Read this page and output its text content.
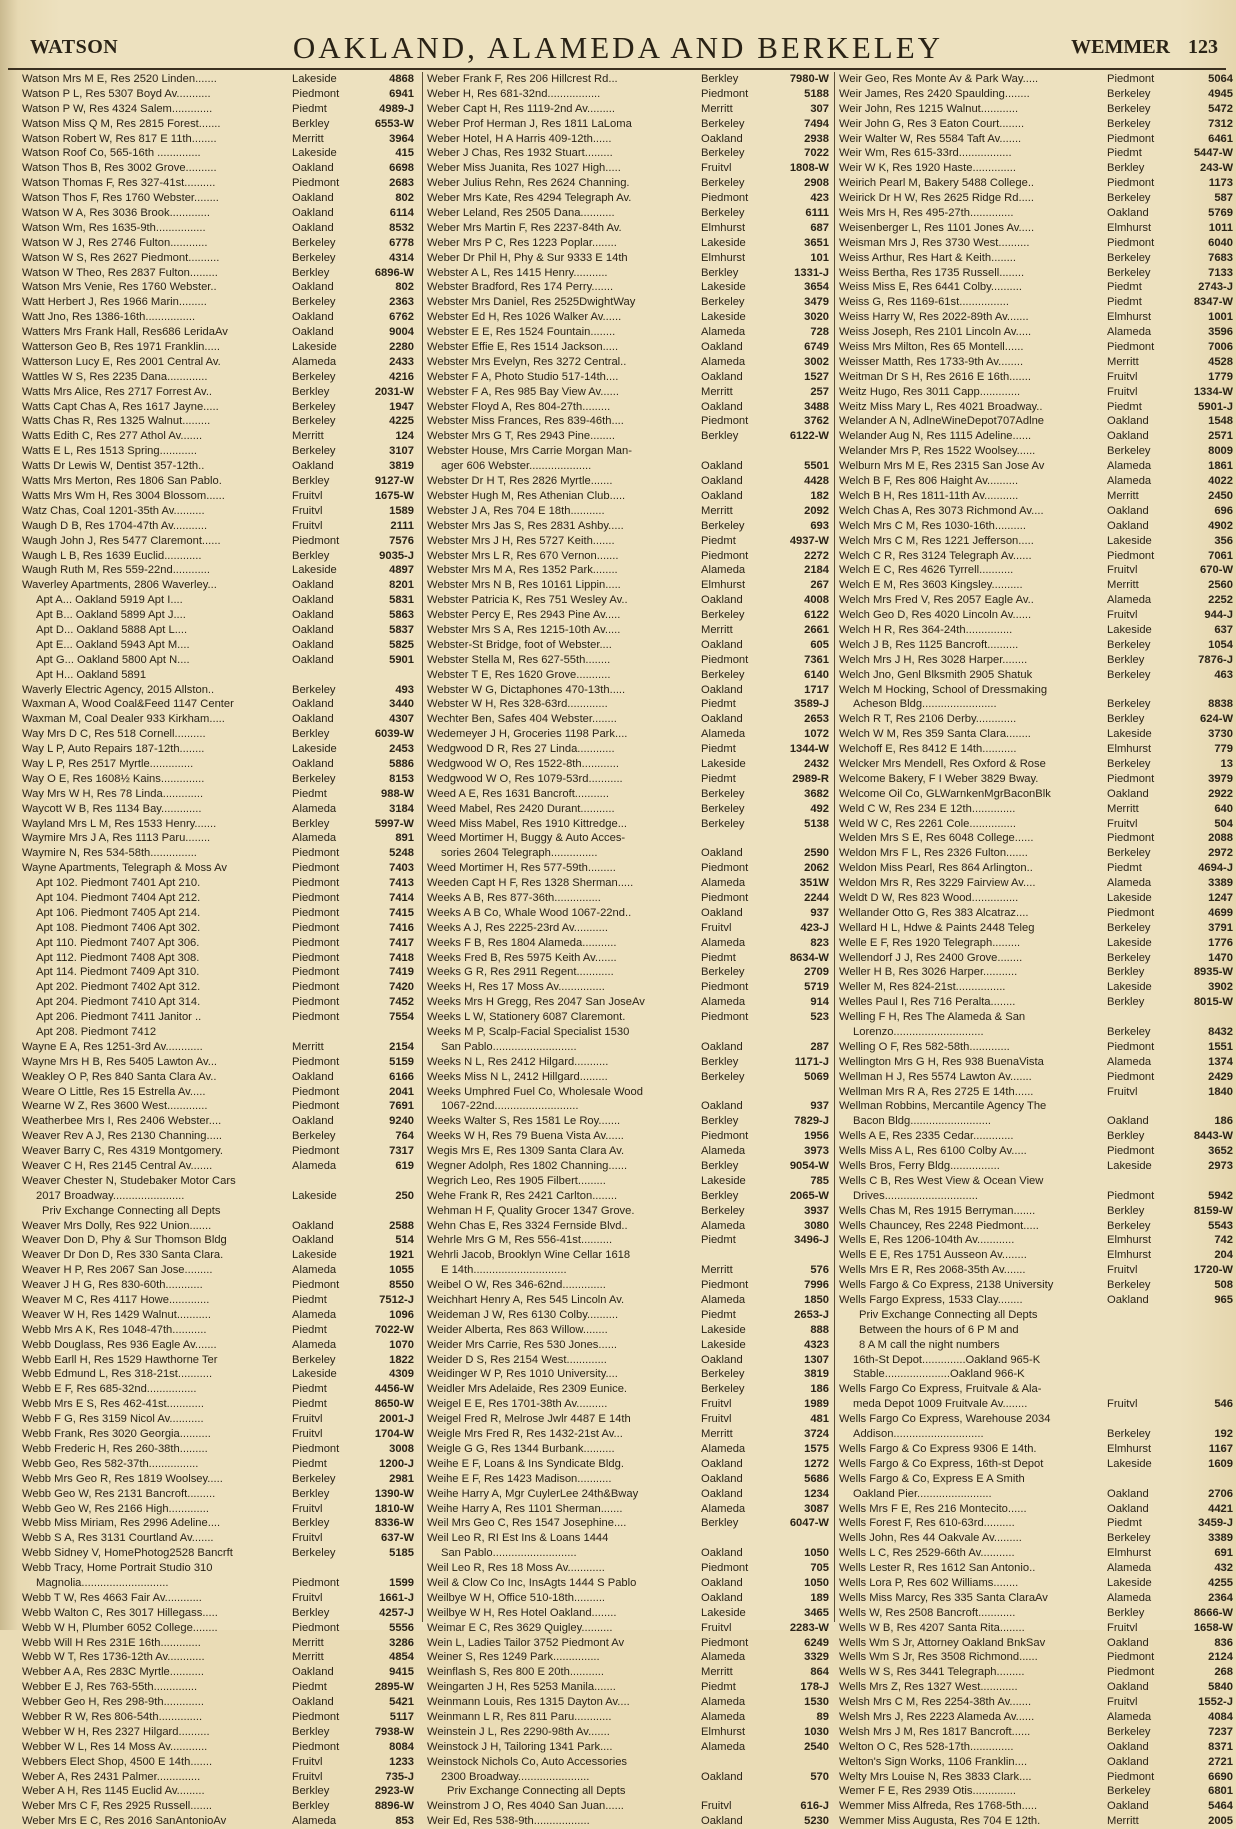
WATSON	OAKLAND, ALAMEDA AND BERKELEY	WEMMER 123
Watson Mrs M E, Res 2520 Linden.......	Lakeside	4868
Watson P L, Res 5307 Boyd Av...........	Piedmont	6941
Watson P W, Res 4324 Salem.............	Piedmt	4989-J
Watson Miss Q M, Res 2815 Forest.......	Berkley	6553-W
Watson Robert W, Res 817 E 11th........	Merritt	3964
Watson Roof Co, 565-16th ..............	Lakeside	415
Watson Thos B, Res 3002 Grove..........	Oakland	6698
Watson Thomas F, Res 327-41st..........	Piedmont	2683
Watson Thos F, Res 1760 Webster........	Oakland	802
Watson W A, Res 3036 Brook.............	Oakland	6114
Watson Wm, Res 1635-9th................	Oakland	8532
Watson W J, Res 2746 Fulton............	Berkeley	6778
Watson W S, Res 2627 Piedmont..........	Berkeley	4314
Watson W Theo, Res 2837 Fulton.........	Berkley	6896-W
Watson Mrs Venie, Res 1760 Webster..	Oakland	802
Watt Herbert J, Res 1966 Marin.........	Berkeley	2363
Watt Jno, Res 1386-16th................	Oakland	6762
Watters Mrs Frank Hall, Res686 LeridaAv	Oakland	9004
Watterson Geo B, Res 1971 Franklin.....	Lakeside	2280
Watterson Lucy E, Res 2001 Central Av.	Alameda	2433
Wattles W S, Res 2235 Dana.............	Berkeley	4216
Watts Mrs Alice, Res 2717 Forrest Av..	Berkley	2031-W
Watts Capt Chas A, Res 1617 Jayne.....	Berkeley	1947
Watts Chas R, Res 1325 Walnut.........	Berkeley	4225
Watts Edith C, Res 277 Athol Av.......	Merritt	124
Watts E L, Res 1513 Spring............	Berkeley	3107
Watts Dr Lewis W, Dentist 357-12th..	Oakland	3819
Watts Mrs Merton, Res 1806 San Pablo.	Berkley	9127-W
Watts Mrs Wm H, Res 3004 Blossom......	Fruitvl	1675-W
Watz Chas, Coal 1201-35th Av..........	Fruitvl	1589
Waugh D B, Res 1704-47th Av...........	Fruitvl	2111
Waugh John J, Res 5477 Claremont......	Piedmont	7576
Waugh L B, Res 1639 Euclid............	Berkley	9035-J
Waugh Ruth M, Res 559-22nd............	Lakeside	4897
Waverley Apartments, 2806 Waverley...	Oakland	8201
Apt A... Oakland 5919 Apt I....	Oakland	5831
Apt B... Oakland 5899 Apt J....	Oakland	5863
Apt D... Oakland 5888 Apt L....	Oakland	5837
Apt E... Oakland 5943 Apt M....	Oakland	5825
Apt G... Oakland 5800 Apt N....	Oakland	5901
Apt H... Oakland 5891
Waverly Electric Agency, 2015 Allston..	Berkeley	493
Waxman A, Wood Coal&Feed 1147 Center	Oakland	3440
Waxman M, Coal Dealer 933 Kirkham.....	Oakland	4307
Way Mrs D C, Res 518 Cornell..........	Berkley	6039-W
Way L P, Auto Repairs 187-12th........	Lakeside	2453
Way L P, Res 2517 Myrtle..............	Oakland	5886
Way O E, Res 1608½ Kains..............	Berkeley	8153
Way Mrs W H, Res 78 Linda.............	Piedmt	988-W
Waycott W B, Res 1134 Bay.............	Alameda	3184
Wayland Mrs L M, Res 1533 Henry.......	Berkley	5997-W
Waymire Mrs J A, Res 1113 Paru........	Alameda	891
Waymire N, Res 534-58th...............	Piedmont	5248
Wayne Apartments, Telegraph & Moss Av	Piedmont	7403
Apt 102. Piedmont 7401 Apt 210.	Piedmont	7413
Apt 104. Piedmont 7404 Apt 212.	Piedmont	7414
Apt 106. Piedmont 7405 Apt 214.	Piedmont	7415
Apt 108. Piedmont 7406 Apt 302.	Piedmont	7416
Apt 110. Piedmont 7407 Apt 306.	Piedmont	7417
Apt 112. Piedmont 7408 Apt 308.	Piedmont	7418
Apt 114. Piedmont 7409 Apt 310.	Piedmont	7419
Apt 202. Piedmont 7402 Apt 312.	Piedmont	7420
Apt 204. Piedmont 7410 Apt 314.	Piedmont	7452
Apt 206. Piedmont 7411 Janitor ..	Piedmont	7554
Apt 208. Piedmont 7412
Wayne E A, Res 1251-3rd Av............	Merritt	2154
Wayne Mrs H B, Res 5405 Lawton Av...	Piedmont	5159
Weakley O P, Res 840 Santa Clara Av..	Oakland	6166
Weare O Little, Res 15 Estrella Av.....	Piedmont	2041
Wearne W Z, Res 3600 West.............	Piedmont	7691
Weatherbee Mrs I, Res 2406 Webster....	Oakland	9240
Weaver Rev A J, Res 2130 Channing.....	Berkeley	764
Weaver Barry C, Res 4319 Montgomery.	Piedmont	7317
Weaver C H, Res 2145 Central Av.......	Alameda	619
Weaver Chester N, Studebaker Motor Cars
2017 Broadway.......................	Lakeside	250
Priv Exchange Connecting all Depts
Weaver Mrs Dolly, Res 922 Union.......	Oakland	2588
Weaver Don D, Phy & Sur Thomson Bldg	Oakland	514
Weaver Dr Don D, Res 330 Santa Clara.	Lakeside	1921
Weaver H P, Res 2067 San Jose.........	Alameda	1055
Weaver J H G, Res 830-60th............	Piedmont	8550
Weaver M C, Res 4117 Howe.............	Piedmt	7512-J
Weaver W H, Res 1429 Walnut...........	Alameda	1096
Webb Mrs A K, Res 1048-47th...........	Piedmt	7022-W
Webb Douglass, Res 936 Eagle Av.......	Alameda	1070
Webb Earll H, Res 1529 Hawthorne Ter	Berkeley	1822
Webb Edmund L, Res 318-21st...........	Lakeside	4309
Webb E F, Res 685-32nd................	Piedmt	4456-W
Webb Mrs E S, Res 462-41st............	Piedmt	8650-W
Webb F G, Res 3159 Nicol Av...........	Fruitvl	2001-J
Webb Frank, Res 3020 Georgia..........	Fruitvl	1704-W
Webb Frederic H, Res 260-38th.........	Piedmont	3008
Webb Geo, Res 582-37th................	Piedmt	1200-J
Webb Mrs Geo R, Res 1819 Woolsey.....	Berkeley	2981
Webb Geo W, Res 2131 Bancroft.........	Berkley	1390-W
Webb Geo W, Res 2166 High.............	Fruitvl	1810-W
Webb Miss Miriam, Res 2996 Adeline....	Berkley	8336-W
Webb S A, Res 3131 Courtland Av.......	Fruitvl	637-W
Webb Sidney V, HomePhotog2528 Bancrft	Berkeley	5185
Webb Tracy, Home Portrait Studio 310
Magnolia............................	Piedmont	1599
Webb T W, Res 4663 Fair Av............	Fruitvl	1661-J
Webb Walton C, Res 3017 Hillegass.....	Berkley	4257-J
Webb W H, Plumber 6052 College........	Piedmont	5556
Webb Will H Res 231E 16th.............	Merritt	3286
Webb W T, Res 1736-12th Av............	Merritt	4854
Webber A A, Res 283C Myrtle...........	Oakland	9415
Webber E J, Res 763-55th..............	Piedmt	2895-W
Webber Geo H, Res 298-9th.............	Oakland	5421
Webber R W, Res 806-54th..............	Piedmont	5117
Webber W H, Res 2327 Hilgard..........	Berkley	7938-W
Webber W L, Res 14 Moss Av............	Piedmont	8084
Webbers Elect Shop, 4500 E 14th.......	Fruitvl	1233
Weber A, Res 2431 Palmer..............	Fruitvl	735-J
Weber A H, Res 1145 Euclid Av.........	Berkley	2923-W
Weber Mrs C F, Res 2925 Russell.......	Berkley	8896-W
Weber Mrs E C, Res 2016 SanAntonioAv	Alameda	853
Weber Frank F, Res 206 Hillcrest Rd...	Berkley	7980-W
Weber H, Res 681-32nd.................	Piedmont	5188
Weber Capt H, Res 1119-2nd Av.........	Merritt	307
Weber Prof Herman J, Res 1811 LaLoma	Berkeley	7494
Weber Hotel, H A Harris 409-12th......	Oakland	2938
Weber J Chas, Res 1932 Stuart.........	Berkeley	7022
Weber Miss Juanita, Res 1027 High.....	Fruitvl	1808-W
Weber Julius Rehn, Res 2624 Channing.	Berkeley	2908
Weber Mrs Kate, Res 4294 Telegraph Av.	Piedmont	423
Weber Leland, Res 2505 Dana...........	Berkeley	6111
Weber Mrs Martin F, Res 2237-84th Av.	Elmhurst	687
Weber Mrs P C, Res 1223 Poplar........	Lakeside	3651
Weber Dr Phil H, Phy & Sur 9333 E 14th	Elmhurst	101
Webster A L, Res 1415 Henry...........	Berkley	1331-J
Webster Bradford, Res 174 Perry.......	Lakeside	3654
Webster Mrs Daniel, Res 2525DwightWay	Berkeley	3479
Webster Ed H, Res 1026 Walker Av......	Lakeside	3020
Webster E E, Res 1524 Fountain........	Alameda	728
Webster Effie E, Res 1514 Jackson.....	Oakland	6749
Webster Mrs Evelyn, Res 3272 Central..	Alameda	3002
Webster F A, Photo Studio 517-14th....	Oakland	1527
Webster F A, Res 985 Bay View Av......	Merritt	257
Webster Floyd A, Res 804-27th.........	Oakland	3488
Webster Miss Frances, Res 839-46th....	Piedmont	3762
Webster Mrs G T, Res 2943 Pine........	Berkley	6122-W
Webster House, Mrs Carrie Morgan Man-
ager 606 Webster....................	Oakland	5501
Webster Dr H T, Res 2826 Myrtle.......	Oakland	4428
Webster Hugh M, Res Athenian Club.....	Oakland	182
Webster J A, Res 704 E 18th...........	Merritt	2092
Webster Mrs Jas S, Res 2831 Ashby.....	Berkeley	693
Webster Mrs J H, Res 5727 Keith.......	Piedmt	4937-W
Webster Mrs L R, Res 670 Vernon.......	Piedmont	2272
Webster Mrs M A, Res 1352 Park........	Alameda	2184
Webster Mrs N B, Res 10161 Lippin.....	Elmhurst	267
Webster Patricia K, Res 751 Wesley Av..	Oakland	4008
Webster Percy E, Res 2943 Pine Av.....	Berkeley	6122
Webster Mrs S A, Res 1215-10th Av.....	Merritt	2661
Webster-St Bridge, foot of Webster....	Oakland	605
Webster Stella M, Res 627-55th........	Piedmont	7361
Webster T E, Res 1620 Grove...........	Berkeley	6140
Webster W G, Dictaphones 470-13th.....	Oakland	1717
Webster W H, Res 328-63rd.............	Piedmt	3589-J
Wechter Ben, Safes 404 Webster........	Oakland	2653
Wedemeyer J H, Groceries 1198 Park....	Alameda	1072
Wedgwood D R, Res 27 Linda............	Piedmt	1344-W
Wedgwood W O, Res 1522-8th............	Lakeside	2432
Wedgwood W O, Res 1079-53rd...........	Piedmt	2989-R
Weed A E, Res 1631 Bancroft...........	Berkeley	3682
Weed Mabel, Res 2420 Durant...........	Berkeley	492
Weed Miss Mabel, Res 1910 Kittredge...	Berkeley	5138
Weed Mortimer H, Buggy & Auto Acces-
sories 2604 Telegraph...............	Oakland	2590
Weed Mortimer H, Res 577-59th.........	Piedmont	2062
Weeden Capt H F, Res 1328 Sherman.....	Alameda	351W
Weeks A B, Res 877-36th...............	Piedmont	2244
Weeks A B Co, Whale Wood 1067-22nd..	Oakland	937
Weeks A J, Res 2225-23rd Av...........	Fruitvl	423-J
Weeks F B, Res 1804 Alameda...........	Alameda	823
Weeks Fred B, Res 5975 Keith Av.......	Piedmt	8634-W
Weeks G R, Res 2911 Regent............	Berkeley	2709
Weeks H, Res 17 Moss Av...............	Piedmont	5719
Weeks Mrs H Gregg, Res 2047 San JoseAv	Alameda	914
Weeks L W, Stationery 6087 Claremont.	Piedmont	523
Weeks M P, Scalp-Facial Specialist 1530
San Pablo...........................	Oakland	287
Weeks N L, Res 2412 Hilgard...........	Berkley	1171-J
Weeks Miss N L, 2412 Hillgard.........	Berkeley	5069
Weeks Umphred Fuel Co, Wholesale Wood
1067-22nd...........................	Oakland	937
Weeks Walter S, Res 1581 Le Roy.......	Berkley	7829-J
Weeks W H, Res 79 Buena Vista Av......	Piedmont	1956
Wegis Mrs E, Res 1309 Santa Clara Av.	Alameda	3973
Wegner Adolph, Res 1802 Channing......	Berkley	9054-W
Wegrich Leo, Res 1905 Filbert.........	Lakeside	785
Wehe Frank R, Res 2421 Carlton........	Berkley	2065-W
Wehman H F, Quality Grocer 1347 Grove.	Berkeley	3937
Wehn Chas E, Res 3324 Fernside Blvd..	Alameda	3080
Wehrle Mrs G M, Res 556-41st..........	Piedmt	3496-J
Wehrli Jacob, Brooklyn Wine Cellar 1618
E 14th..............................	Merritt	576
Weibel O W, Res 346-62nd..............	Piedmont	7996
Weichhart Henry A, Res 545 Lincoln Av.	Alameda	1850
Weideman J W, Res 6130 Colby..........	Piedmt	2653-J
Weider Alberta, Res 863 Willow........	Lakeside	888
Weider Mrs Carrie, Res 530 Jones......	Lakeside	4323
Weider D S, Res 2154 West.............	Oakland	1307
Weidinger W P, Res 1010 University....	Berkeley	3819
Weidler Mrs Adelaide, Res 2309 Eunice.	Berkeley	186
Weigel E E, Res 1701-38th Av..........	Fruitvl	1989
Weigel Fred R, Melrose Jwlr 4487 E 14th	Fruitvl	481
Weigle Mrs Fred R, Res 1432-21st Av...	Merritt	3724
Weigle G G, Res 1344 Burbank..........	Alameda	1575
Weihe E F, Loans & Ins Syndicate Bldg.	Oakland	1272
Weihe E F, Res 1423 Madison...........	Oakland	5686
Weihe Harry A, Mgr CuylerLee 24th&Bway	Oakland	1234
Weihe Harry A, Res 1101 Sherman.......	Alameda	3087
Weil Mrs Geo C, Res 1547 Josephine....	Berkley	6047-W
Weil Leo R, RI Est Ins & Loans 1444
San Pablo...........................	Oakland	1050
Weil Leo R, Res 18 Moss Av............	Piedmont	705
Weil & Clow Co Inc, InsAgts 1444 S Pablo	Oakland	1050
Weilbye W H, Office 510-18th..........	Oakland	189
Weilbye W H, Res Hotel Oakland........	Lakeside	3465
Weimar E C, Res 3629 Quigley..........	Fruitvl	2283-W
Wein L, Ladies Tailor 3752 Piedmont Av	Piedmont	6249
Weiner S, Res 1249 Park...............	Alameda	3329
Weinflash S, Res 800 E 20th...........	Merritt	864
Weingarten J H, Res 5253 Manila.......	Piedmt	178-J
Weinmann Louis, Res 1315 Dayton Av....	Alameda	1530
Weinmann L R, Res 811 Paru............	Alameda	89
Weinstein J L, Res 2290-98th Av.......	Elmhurst	1030
Weinstock J H, Tailoring 1341 Park....	Alameda	2540
Weinstock Nichols Co, Auto Accessories
2300 Broadway.......................	Oakland	570
Priv Exchange Connecting all Depts
Weinstrom J O, Res 4040 San Juan......	Fruitvl	616-J
Weir Ed, Res 538-9th..................	Oakland	5230
Weir Geo, Res Monte Av & Park Way.....	Piedmont	5064
Weir James, Res 2420 Spaulding........	Berkeley	4945
Weir John, Res 1215 Walnut............	Berkeley	5472
Weir John G, Res 3 Eaton Court........	Berkeley	7312
Weir Walter W, Res 5584 Taft Av.......	Piedmont	6461
Weir Wm, Res 615-33rd.................	Piedmt	5447-W
Weir W K, Res 1920 Haste..............	Berkley	243-W
Weirich Pearl M, Bakery 5488 College..	Piedmont	1173
Weirick Dr H W, Res 2625 Ridge Rd.....	Berkeley	587
Weis Mrs H, Res 495-27th..............	Oakland	5769
Weisenberger L, Res 1101 Jones Av.....	Elmhurst	1011
Weisman Mrs J, Res 3730 West..........	Piedmont	6040
Weiss Arthur, Res Hart & Keith........	Berkeley	7683
Weiss Bertha, Res 1735 Russell........	Berkeley	7133
Weiss Miss E, Res 6441 Colby..........	Piedmt	2743-J
Weiss G, Res 1169-61st................	Piedmt	8347-W
Weiss Harry W, Res 2022-89th Av.......	Elmhurst	1001
Weiss Joseph, Res 2101 Lincoln Av.....	Alameda	3596
Weiss Mrs Milton, Res 65 Montell......	Piedmont	7006
Weisser Matth, Res 1733-9th Av........	Merritt	4528
Weitman Dr S H, Res 2616 E 16th.......	Fruitvl	1779
Weitz Hugo, Res 3011 Capp.............	Fruitvl	1334-W
Weitz Miss Mary L, Res 4021 Broadway..	Piedmt	5901-J
Welander A N, AdlneWineDepot707Adlne	Oakland	1548
Welander Aug N, Res 1115 Adeline......	Oakland	2571
Welander Mrs P, Res 1522 Woolsey......	Berkeley	8009
Welburn Mrs M E, Res 2315 San Jose Av	Alameda	1861
Welch B F, Res 806 Haight Av..........	Alameda	4022
Welch B H, Res 1811-11th Av...........	Merritt	2450
Welch Chas A, Res 3073 Richmond Av....	Oakland	696
Welch Mrs C M, Res 1030-16th..........	Oakland	4902
Welch Mrs C M, Res 1221 Jefferson.....	Lakeside	356
Welch C R, Res 3124 Telegraph Av......	Piedmont	7061
Welch E C, Res 4626 Tyrrell...........	Fruitvl	670-W
Welch E M, Res 3603 Kingsley..........	Merritt	2560
Welch Mrs Fred V, Res 2057 Eagle Av..	Alameda	2252
Welch Geo D, Res 4020 Lincoln Av......	Fruitvl	944-J
Welch H R, Res 364-24th...............	Lakeside	637
Welch J B, Res 1125 Bancroft..........	Berkeley	1054
Welch Mrs J H, Res 3028 Harper........	Berkley	7876-J
Welch Jno, Genl Blksmith 2905 Shatuk	Berkeley	463
Welch M Hocking, School of Dressmaking
Acheson Bldg........................	Berkeley	8838
Welch R T, Res 2106 Derby.............	Berkley	624-W
Welch W M, Res 359 Santa Clara........	Lakeside	3730
Welchoff E, Res 8412 E 14th...........	Elmhurst	779
Welcker Mrs Mendell, Res Oxford & Rose	Berkeley	13
Welcome Bakery, F I Weber 3829 Bway.	Piedmont	3979
Welcome Oil Co, GLWarnkenMgrBaconBlk	Oakland	2922
Weld C W, Res 234 E 12th..............	Merritt	640
Weld W C, Res 2261 Cole...............	Fruitvl	504
Welden Mrs S E, Res 6048 College......	Piedmont	2088
Weldon Mrs F L, Res 2326 Fulton.......	Berkeley	2972
Weldon Miss Pearl, Res 864 Arlington..	Piedmt	4694-J
Weldon Mrs R, Res 3229 Fairview Av....	Alameda	3389
Weldt D W, Res 823 Wood...............	Lakeside	1247
Wellander Otto G, Res 383 Alcatraz....	Piedmont	4699
Wellard H L, Hdwe & Paints 2448 Teleg	Berkeley	3791
Welle E F, Res 1920 Telegraph.........	Lakeside	1776
Wellendorf J J, Res 2400 Grove........	Berkeley	1470
Weller H B, Res 3026 Harper...........	Berkley	8935-W
Weller M, Res 824-21st................	Lakeside	3902
Welles Paul I, Res 716 Peralta........	Berkley	8015-W
Welling F H, Res The Alameda & San
Lorenzo.............................	Berkeley	8432
Welling O F, Res 582-58th.............	Piedmont	1551
Wellington Mrs G H, Res 938 BuenaVista	Alameda	1374
Wellman H J, Res 5574 Lawton Av.......	Piedmont	2429
Wellman Mrs R A, Res 2725 E 14th......	Fruitvl	1840
Wellman Robbins, Mercantile Agency The
Bacon Bldg..........................	Oakland	186
Wells A E, Res 2335 Cedar.............	Berkley	8443-W
Wells Miss A L, Res 6100 Colby Av.....	Piedmont	3652
Wells Bros, Ferry Bldg................	Lakeside	2973
Wells C B, Res West View & Ocean View
Drives..............................	Piedmont	5942
Wells Chas M, Res 1915 Berryman.......	Berkley	8159-W
Wells Chauncey, Res 2248 Piedmont.....	Berkeley	5543
Wells E, Res 1206-104th Av............	Elmhurst	742
Wells E E, Res 1751 Ausseon Av........	Elmhurst	204
Wells Mrs E R, Res 2068-35th Av.......	Fruitvl	1720-W
Wells Fargo & Co Express, 2138 University	Berkeley	508
Wells Fargo Express, 1533 Clay........	Oakland	965
Priv Exchange Connecting all Depts
Between the hours of 6 P M and
8 A M call the night numbers
16th-St Depot..............Oakland 965-K
Stable.....................Oakland 966-K
Wells Fargo Co Express, Fruitvale & Ala-
meda Depot 1009 Fruitvale Av........	Fruitvl	546
Wells Fargo Co Express, Warehouse 2034
Addison.............................	Berkeley	192
Wells Fargo & Co Express 9306 E 14th.	Elmhurst	1167
Wells Fargo & Co Express, 16th-st Depot	Lakeside	1609
Wells Fargo & Co, Express E A Smith
Oakland Pier........................	Oakland	2706
Wells Mrs F E, Res 216 Montecito......	Oakland	4421
Wells Forest F, Res 610-63rd..........	Piedmt	3459-J
Wells John, Res 44 Oakvale Av.........	Berkeley	3389
Wells L C, Res 2529-66th Av...........	Elmhurst	691
Wells Lester R, Res 1612 San Antonio..	Alameda	432
Wells Lora P, Res 602 Williams........	Lakeside	4255
Wells Miss Marcy, Res 335 Santa ClaraAv	Alameda	2364
Wells W, Res 2508 Bancroft............	Berkley	8666-W
Wells W B, Res 4207 Santa Rita........	Fruitvl	1658-W
Wells Wm S Jr, Attorney Oakland BnkSav	Oakland	836
Wells Wm S Jr, Res 3508 Richmond......	Piedmont	2124
Wells W S, Res 3441 Telegraph.........	Piedmont	268
Wells Mrs Z, Res 1327 West............	Oakland	5840
Welsh Mrs C M, Res 2254-38th Av.......	Fruitvl	1552-J
Welsh Mrs J, Res 2223 Alameda Av......	Alameda	4084
Welsh Mrs J M, Res 1817 Bancroft......	Berkeley	7237
Welton O C, Res 528-17th..............	Oakland	8371
Welton's Sign Works, 1106 Franklin....	Oakland	2721
Welty Mrs Louise N, Res 3833 Clark....	Piedmont	6690
Wemer F E, Res 2939 Otis..............	Berkeley	6801
Wemmer Miss Alfreda, Res 1768-5th.....	Oakland	5464
Wemmer Miss Augusta, Res 704 E 12th.	Merritt	2005
